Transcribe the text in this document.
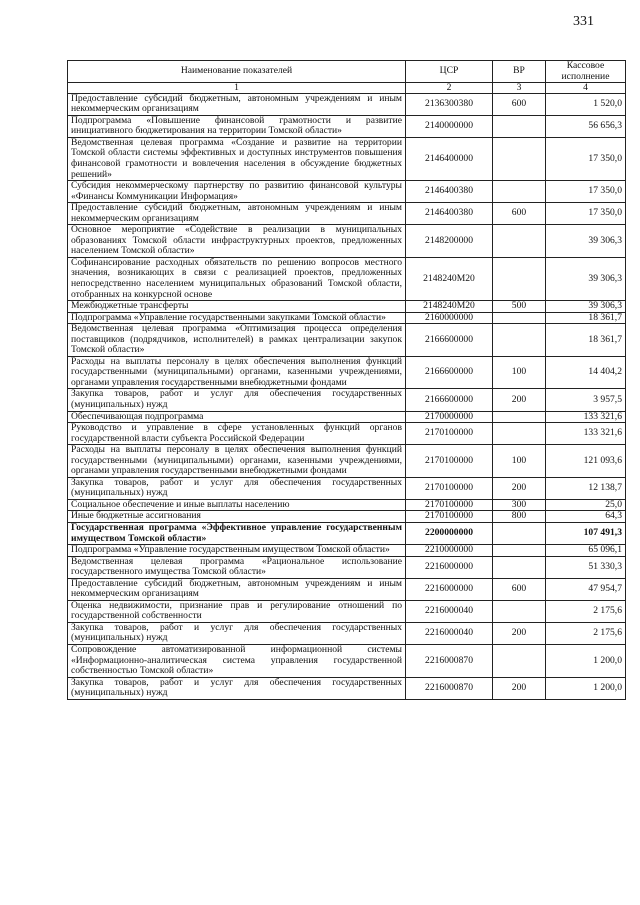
331
Наименование показателей	ЦСР	ВР	Кассовое исполнение
1	2	3	4
Предоставление субсидий бюджетным, автономным учреждениям и иным некоммерческим организациям	2136300380	600	1 520,0
Подпрограмма «Повышение финансовой грамотности и развитие инициативного бюджетирования на территории Томской области»	2140000000		56 656,3
Ведомственная целевая программа «Создание и развитие на территории Томской области системы эффективных и доступных инструментов повышения финансовой грамотности и вовлечения населения в обсуждение бюджетных решений»	2146400000		17 350,0
Субсидия некоммерческому партнерству по развитию финансовой культуры «Финансы Коммуникации Информация»	2146400380		17 350,0
Предоставление субсидий бюджетным, автономным учреждениям и иным некоммерческим организациям	2146400380	600	17 350,0
Основное мероприятие «Содействие в реализации в муниципальных образованиях Томской области инфраструктурных проектов, предложенных населением Томской области»	2148200000		39 306,3
Софинансирование расходных обязательств по решению вопросов местного значения, возникающих в связи с реализацией проектов, предложенных непосредственно населением муниципальных образований Томской области, отобранных на конкурсной основе	2148240M20		39 306,3
Межбюджетные трансферты	2148240M20	500	39 306,3
Подпрограмма «Управление государственными закупками Томской области»	2160000000		18 361,7
Ведомственная целевая программа «Оптимизация процесса определения поставщиков (подрядчиков, исполнителей) в рамках централизации закупок Томской области»	2166600000		18 361,7
Расходы на выплаты персоналу в целях обеспечения выполнения функций государственными (муниципальными) органами, казенными учреждениями, органами управления государственными внебюджетными фондами	2166600000	100	14 404,2
Закупка товаров, работ и услуг для обеспечения государственных (муниципальных) нужд	2166600000	200	3 957,5
Обеспечивающая подпрограмма	2170000000		133 321,6
Руководство и управление в сфере установленных функций органов государственной власти субъекта Российской Федерации	2170100000		133 321,6
Расходы на выплаты персоналу в целях обеспечения выполнения функций государственными (муниципальными) органами, казенными учреждениями, органами управления государственными внебюджетными фондами	2170100000	100	121 093,6
Закупка товаров, работ и услуг для обеспечения государственных (муниципальных) нужд	2170100000	200	12 138,7
Социальное обеспечение и иные выплаты населению	2170100000	300	25,0
Иные бюджетные ассигнования	2170100000	800	64,3
Государственная программа «Эффективное управление государственным имуществом Томской области»	2200000000		107 491,3
Подпрограмма «Управление государственным имуществом Томской области»	2210000000		65 096,1
Ведомственная целевая программа «Рациональное использование государственного имущества Томской области»	2216000000		51 330,3
Предоставление субсидий бюджетным, автономным учреждениям и иным некоммерческим организациям	2216000000	600	47 954,7
Оценка недвижимости, признание прав и регулирование отношений по государственной собственности	2216000040		2 175,6
Закупка товаров, работ и услуг для обеспечения государственных (муниципальных) нужд	2216000040	200	2 175,6
Сопровождение автоматизированной информационной системы «Информационно-аналитическая система управления государственной собственностью Томской области»	2216000870		1 200,0
Закупка товаров, работ и услуг для обеспечения государственных (муниципальных) нужд	2216000870	200	1 200,0
